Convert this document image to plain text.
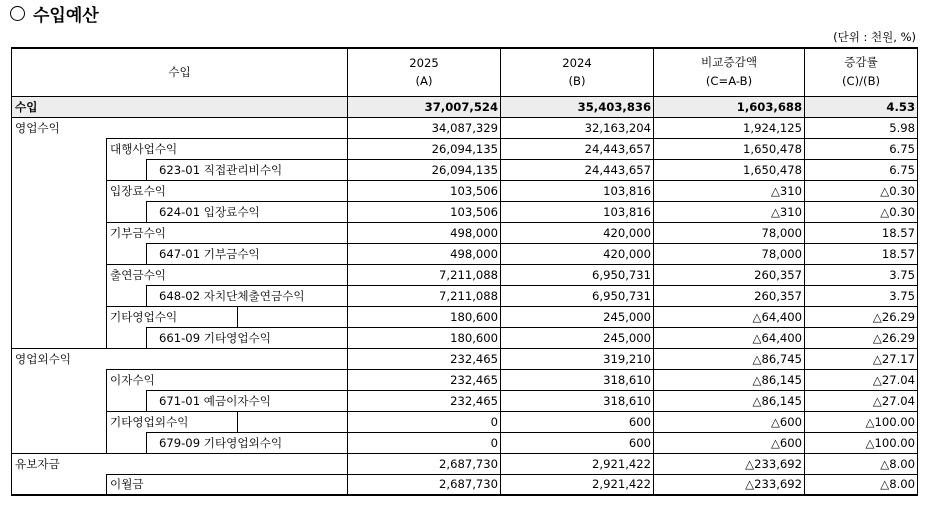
수입예산
(단위 : 천원, %)
수입				2025	2024	비교증감액	증감률
				(A)	(B)	(C=A-B)	(C)/(B)
수입				37,007,524	35,403,836	1,603,688	4.53
영업수익				34,087,329	32,163,204	1,924,125	5.98
	대행사업수익			26,094,135	24,443,657	1,650,478	6.75
		623-01 직접관리비수익		26,094,135	24,443,657	1,650,478	6.75
	입장료수익			103,506	103,816	△310	△0.30
		624-01 입장료수익		103,506	103,816	△310	△0.30
	기부금수익			498,000	420,000	78,000	18.57
		647-01 기부금수익		498,000	420,000	78,000	18.57
	출연금수익			7,211,088	6,950,731	260,357	3.75
		648-02 자치단체출연금수익		7,211,088	6,950,731	260,357	3.75
	기타영업수익			180,600	245,000	△64,400	△26.29
		661-09 기타영업수익		180,600	245,000	△64,400	△26.29
영업외수익				232,465	319,210	△86,745	△27.17
	이자수익			232,465	318,610	△86,145	△27.04
		671-01 예금이자수익		232,465	318,610	△86,145	△27.04
	기타영업외수익			0	600	△600	△100.00
		679-09 기타영업외수익		0	600	△600	△100.00
유보자금				2,687,730	2,921,422	△233,692	△8.00
	이월금			2,687,730	2,921,422	△233,692	△8.00
